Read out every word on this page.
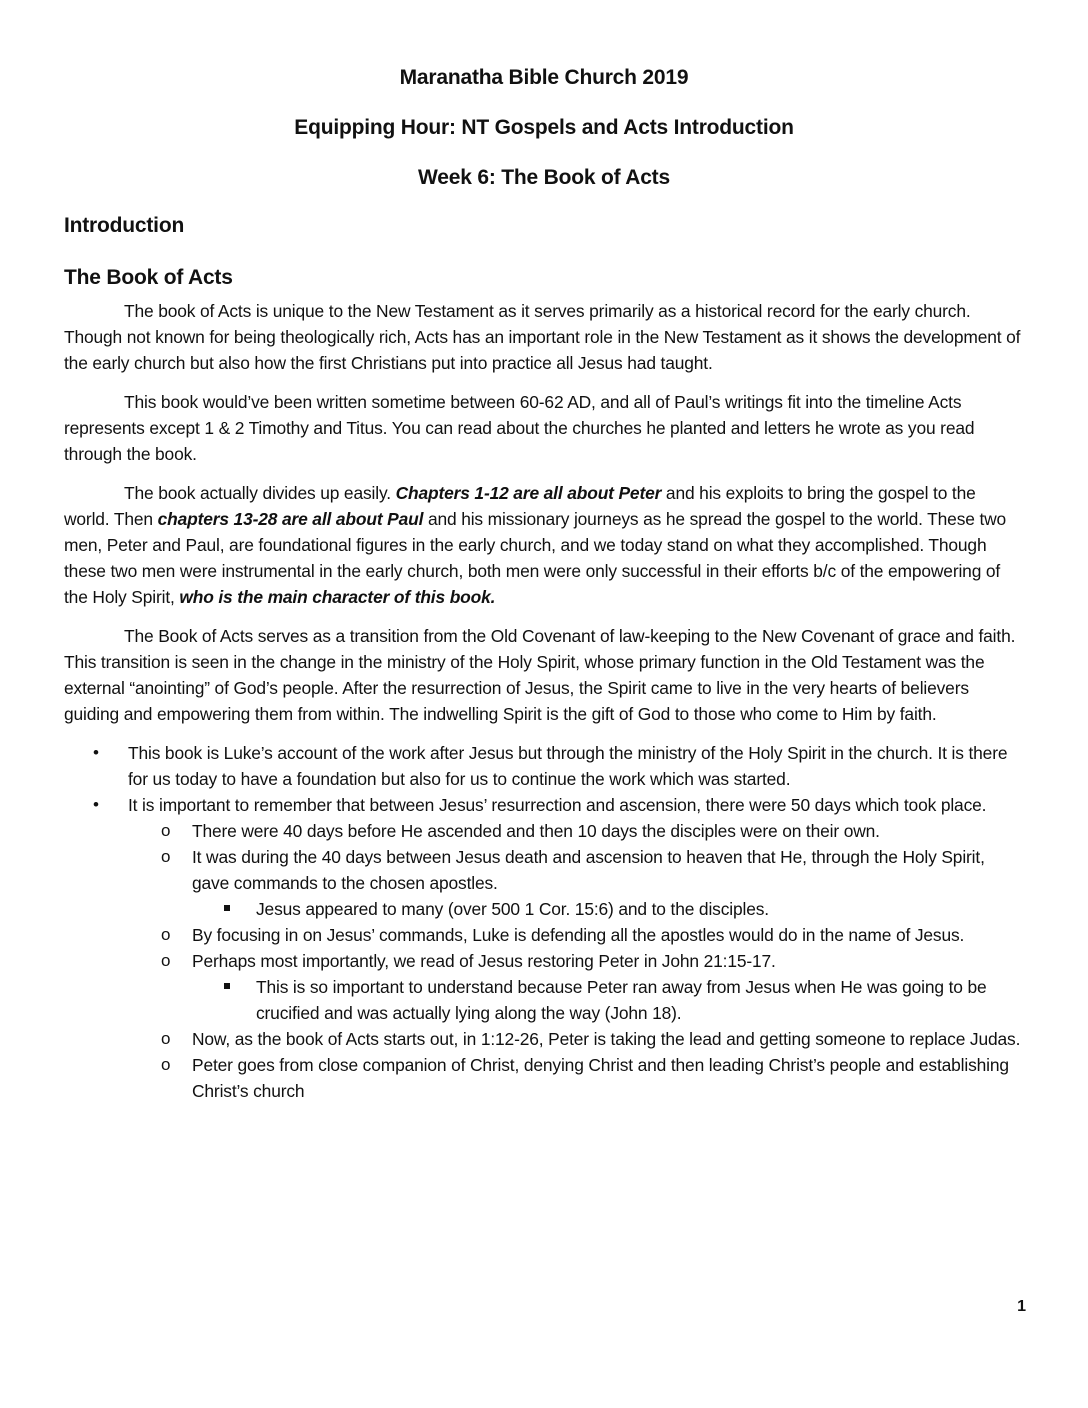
Maranatha Bible Church 2019
Equipping Hour: NT Gospels and Acts Introduction
Week 6: The Book of Acts
Introduction
The Book of Acts

The book of Acts is unique to the New Testament as it serves primarily as a historical record for the early church. Though not known for being theologically rich, Acts has an important role in the New Testament as it shows the development of the early church but also how the first Christians put into practice all Jesus had taught.

This book would’ve been written sometime between 60-62 AD, and all of Paul’s writings fit into the timeline Acts represents except 1 & 2 Timothy and Titus. You can read about the churches he planted and letters he wrote as you read through the book.

The book actually divides up easily. Chapters 1-12 are all about Peter and his exploits to bring the gospel to the world. Then chapters 13-28 are all about Paul and his missionary journeys as he spread the gospel to the world. These two men, Peter and Paul, are foundational figures in the early church, and we today stand on what they accomplished. Though these two men were instrumental in the early church, both men were only successful in their efforts b/c of the empowering of the Holy Spirit, who is the main character of this book.

The Book of Acts serves as a transition from the Old Covenant of law-keeping to the New Covenant of grace and faith. This transition is seen in the change in the ministry of the Holy Spirit, whose primary function in the Old Testament was the external “anointing” of God’s people. After the resurrection of Jesus, the Spirit came to live in the very hearts of believers guiding and empowering them from within. The indwelling Spirit is the gift of God to those who come to Him by faith.

• This book is Luke’s account of the work after Jesus but through the ministry of the Holy Spirit in the church. It is there for us today to have a foundation but also for us to continue the work which was started.
• It is important to remember that between Jesus’ resurrection and ascension, there were 50 days which took place.
o There were 40 days before He ascended and then 10 days the disciples were on their own.
o It was during the 40 days between Jesus death and ascension to heaven that He, through the Holy Spirit, gave commands to the chosen apostles.
Jesus appeared to many (over 500 1 Cor. 15:6) and to the disciples.
o By focusing in on Jesus’ commands, Luke is defending all the apostles would do in the name of Jesus.
o Perhaps most importantly, we read of Jesus restoring Peter in John 21:15-17.
This is so important to understand because Peter ran away from Jesus when He was going to be crucified and was actually lying along the way (John 18).
o Now, as the book of Acts starts out, in 1:12-26, Peter is taking the lead and getting someone to replace Judas.
o Peter goes from close companion of Christ, denying Christ and then leading Christ’s people and establishing Christ’s church
1
